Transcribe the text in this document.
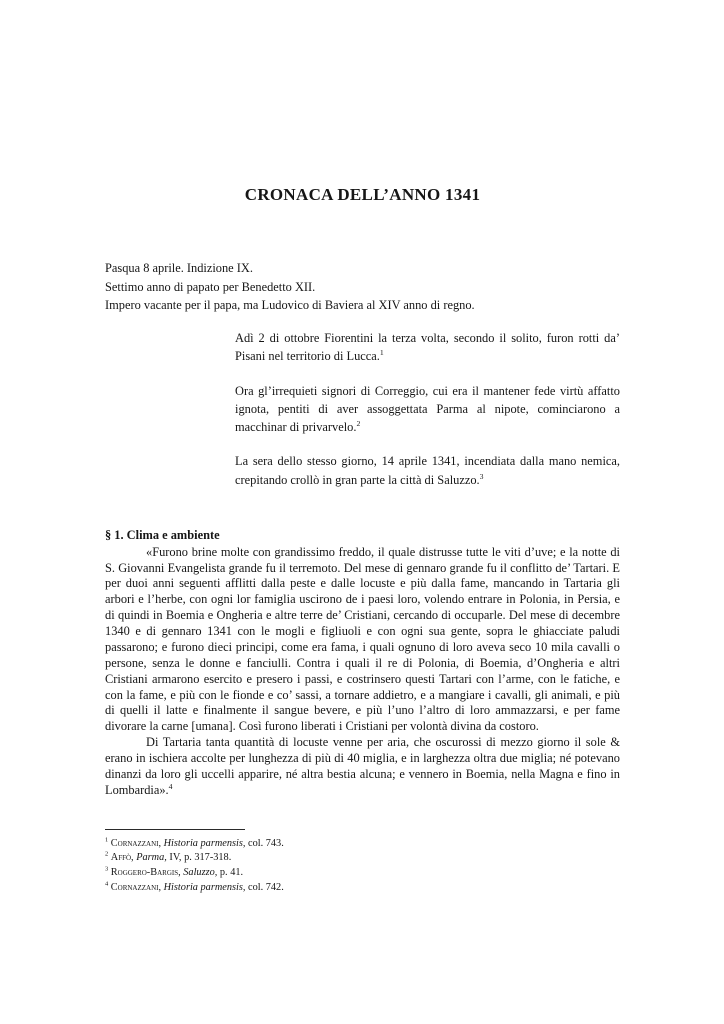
CRONACA DELL’ANNO 1341
Pasqua 8 aprile. Indizione IX.
Settimo anno di papato per Benedetto XII.
Impero vacante per il papa, ma Ludovico di Baviera al XIV anno di regno.

Adì 2 di ottobre Fiorentini la terza volta, secondo il solito, furon rotti da’ Pisani nel territorio di Lucca.$^1$

Ora gl’irrequieti signori di Correggio, cui era il mantener fede virtù affatto ignota, pentiti di aver assoggettata Parma al nipote, cominciarono a macchinar di privarvelo.$^2$

La sera dello stesso giorno, 14 aprile 1341, incendiata dalla mano nemica, crepitando crollò in gran parte la città di Saluzzo.$^3$

§ 1. Clima e ambiente

«Furono brine molte con grandissimo freddo, il quale distrusse tutte le viti d’uve; e la notte di S. Giovanni Evangelista grande fu il terremoto. Del mese di gennaro grande fu il conflitto de’ Tartari. E per duoi anni seguenti afflitti dalla peste e dalle locuste e più dalla fame, mancando in Tartaria gli arbori e l’herbe, con ogni lor famiglia uscirono de i paesi loro, volendo entrare in Polonia, in Persia, e di quindi in Boemia e Ongheria e altre terre de’ Cristiani, cercando di occuparle. Del mese di decembre 1340 e di gennaro 1341 con le mogli e figliuoli e con ogni sua gente, sopra le ghiacciate paludi passarono; e furono dieci principi, come era fama, i quali ognuno di loro aveva seco 10 mila cavalli o persone, senza le donne e fanciulli. Contra i quali il re di Polonia, di Boemia, d’Ongheria e altri Cristiani armarono esercito e presero i passi, e costrinsero questi Tartari con l’arme, con le fatiche, e con la fame, e più con le fionde e co’ sassi, a tornare addietro, e a mangiare i cavalli, gli animali, e più di quelli il latte e finalmente il sangue bevere, e più l’uno l’altro di loro ammazzarsi, e per fame divorare la carne [umana]. Così furono liberati i Cristiani per volontà divina da costoro.

Di Tartaria tanta quantità di locuste venne per aria, che oscurossi di mezzo giorno il sole & erano in ischiera accolte per lunghezza di più di 40 miglia, e in larghezza oltra due miglia; né potevano dinanzi da loro gli uccelli apparire, né altra bestia alcuna; e vennero in Boemia, nella Magna e fino in Lombardia».$^4$

$^1$ Cornazzani, Historia parmensis, col. 743.
$^2$ Affò, Parma, IV, p. 317-318.
$^3$ Roggero-Bargis, Saluzzo, p. 41.
$^4$ Cornazzani, Historia parmensis, col. 742.
